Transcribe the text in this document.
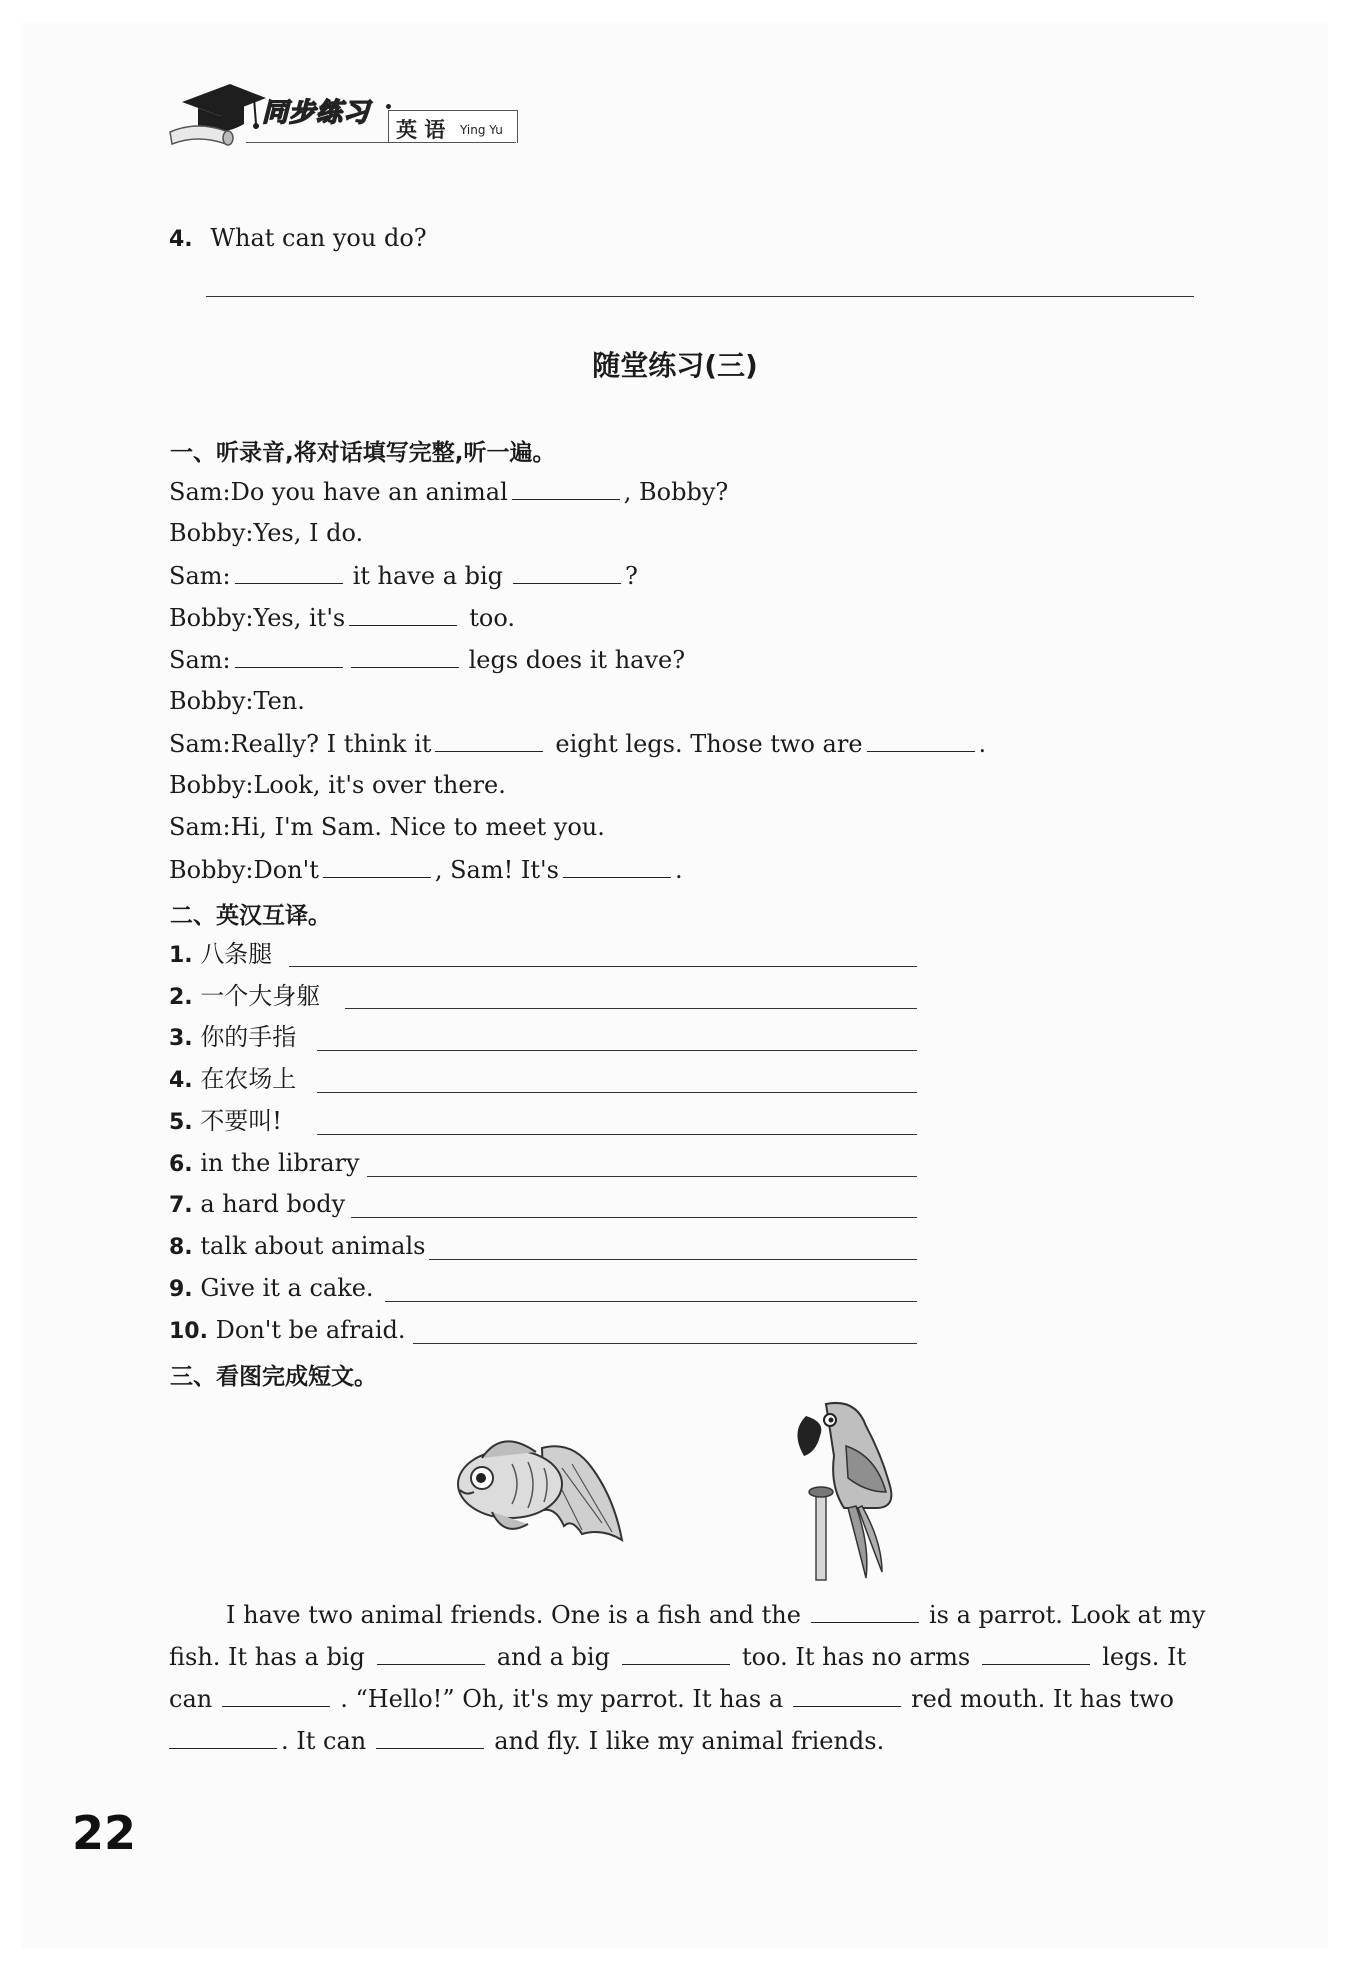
同步练习
英 语 Ying Yu
4. What can you do?
随堂练习(三)
一、听录音,将对话填写完整,听一遍。
Sam:Do you have an animal	, Bobby?
Bobby:Yes, I do.
Sam:	it have a big	?
Bobby:Yes, it's	too.
Sam:	legs does it have?
Bobby:Ten.
Sam:Really? I think it	eight legs. Those two are	.
Bobby:Look, it's over there.
Sam:Hi, I'm Sam. Nice to meet you.
Bobby:Don't	, Sam! It's	.
二、英汉互译。
1. 八条腿
2. 一个大身躯
3. 你的手指
4. 在农场上
5. 不要叫!
6. in the library
7. a hard body
8. talk about animals
9. Give it a cake.
10. Don't be afraid.
三、看图完成短文。
I have two animal friends. One is a fish and the	is a parrot. Look at my
fish. It has a big	and a big	too. It has no arms	legs. It
can	. “Hello!” Oh, it's my parrot. It has a	red mouth. It has two
. It can	and fly. I like my animal friends.
22
